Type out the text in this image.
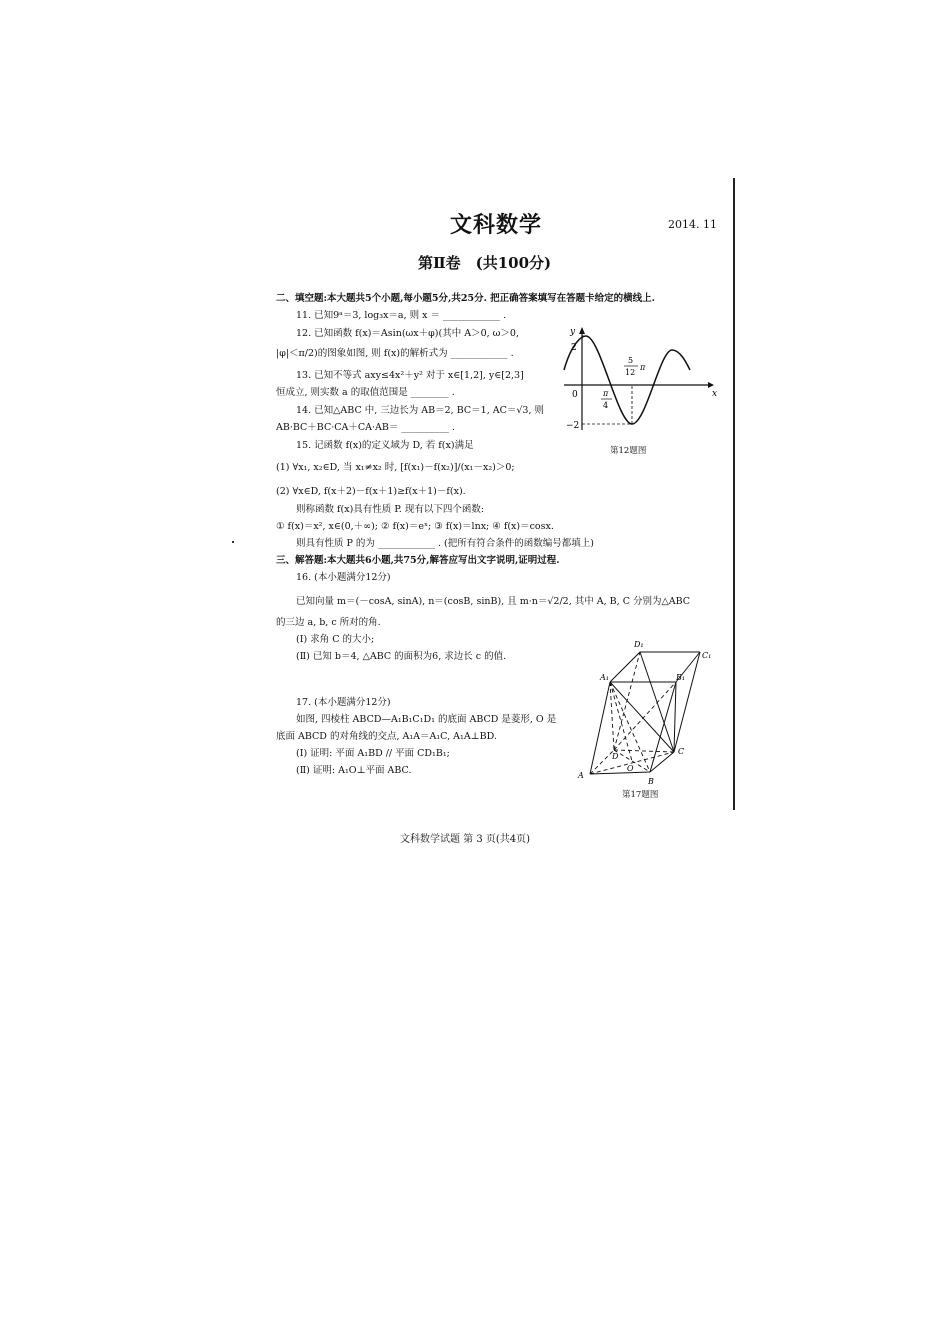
文科数学	2014. 11
第Ⅱ卷　(共100分)
二、填空题:本大题共5个小题,每小题5分,共25分. 把正确答案填写在答题卡给定的横线上.
11. 已知9ᵃ＝3, log₃x＝a, 则 x ＝ ____________ .
12. 已知函数 f(x)＝Asin(ωx＋φ)(其中 A＞0, ω＞0,
|φ|＜π/2)的图象如图, 则 f(x)的解析式为 ____________ .
13. 已知不等式 axy≤4x²＋y² 对于 x∈[1,2], y∈[2,3]
恒成立, 则实数 a 的取值范围是 ________ .
14. 已知△ABC 中, 三边长为 AB＝2, BC＝1, AC＝√3, 则
AB·BC＋BC·CA＋CA·AB＝ __________ .
15. 记函数 f(x)的定义域为 D, 若 f(x)满足
(1) ∀x₁, x₂∈D, 当 x₁≠x₂ 时, [f(x₁)－f(x₂)]/(x₁－x₂)＞0;
(2) ∀x∈D, f(x＋2)－f(x＋1)≥f(x＋1)－f(x).
则称函数 f(x)具有性质 P. 现有以下四个函数:
① f(x)＝x², x∈(0,＋∞); ② f(x)＝eˣ; ③ f(x)＝lnx; ④ f(x)＝cosx.
则具有性质 P 的为 ____________ . (把所有符合条件的函数编号都填上)
三、解答题:本大题共6小题,共75分,解答应写出文字说明,证明过程.
16. (本小题满分12分)
已知向量 m＝(－cosA, sinA), n＝(cosB, sinB), 且 m·n＝√2/2, 其中 A, B, C 分别为△ABC
的三边 a, b, c 所对的角.
(Ⅰ) 求角 C 的大小;
(Ⅱ) 已知 b＝4, △ABC 的面积为6, 求边长 c 的值.
17. (本小题满分12分)
如图, 四棱柱 ABCD—A₁B₁C₁D₁ 的底面 ABCD 是菱形, O 是
底面 ABCD 的对角线的交点, A₁A＝A₁C, A₁A⊥BD.
(Ⅰ) 证明: 平面 A₁BD // 平面 CD₁B₁;
(Ⅱ) 证明: A₁O⊥平面 ABC.
y
x
0
2
−2
π
4
5
12
π
第12题图
A
B
C
D
O
A₁	B₁
C₁
D₁
第17题图
文科数学试题 第 3 页(共4页)
